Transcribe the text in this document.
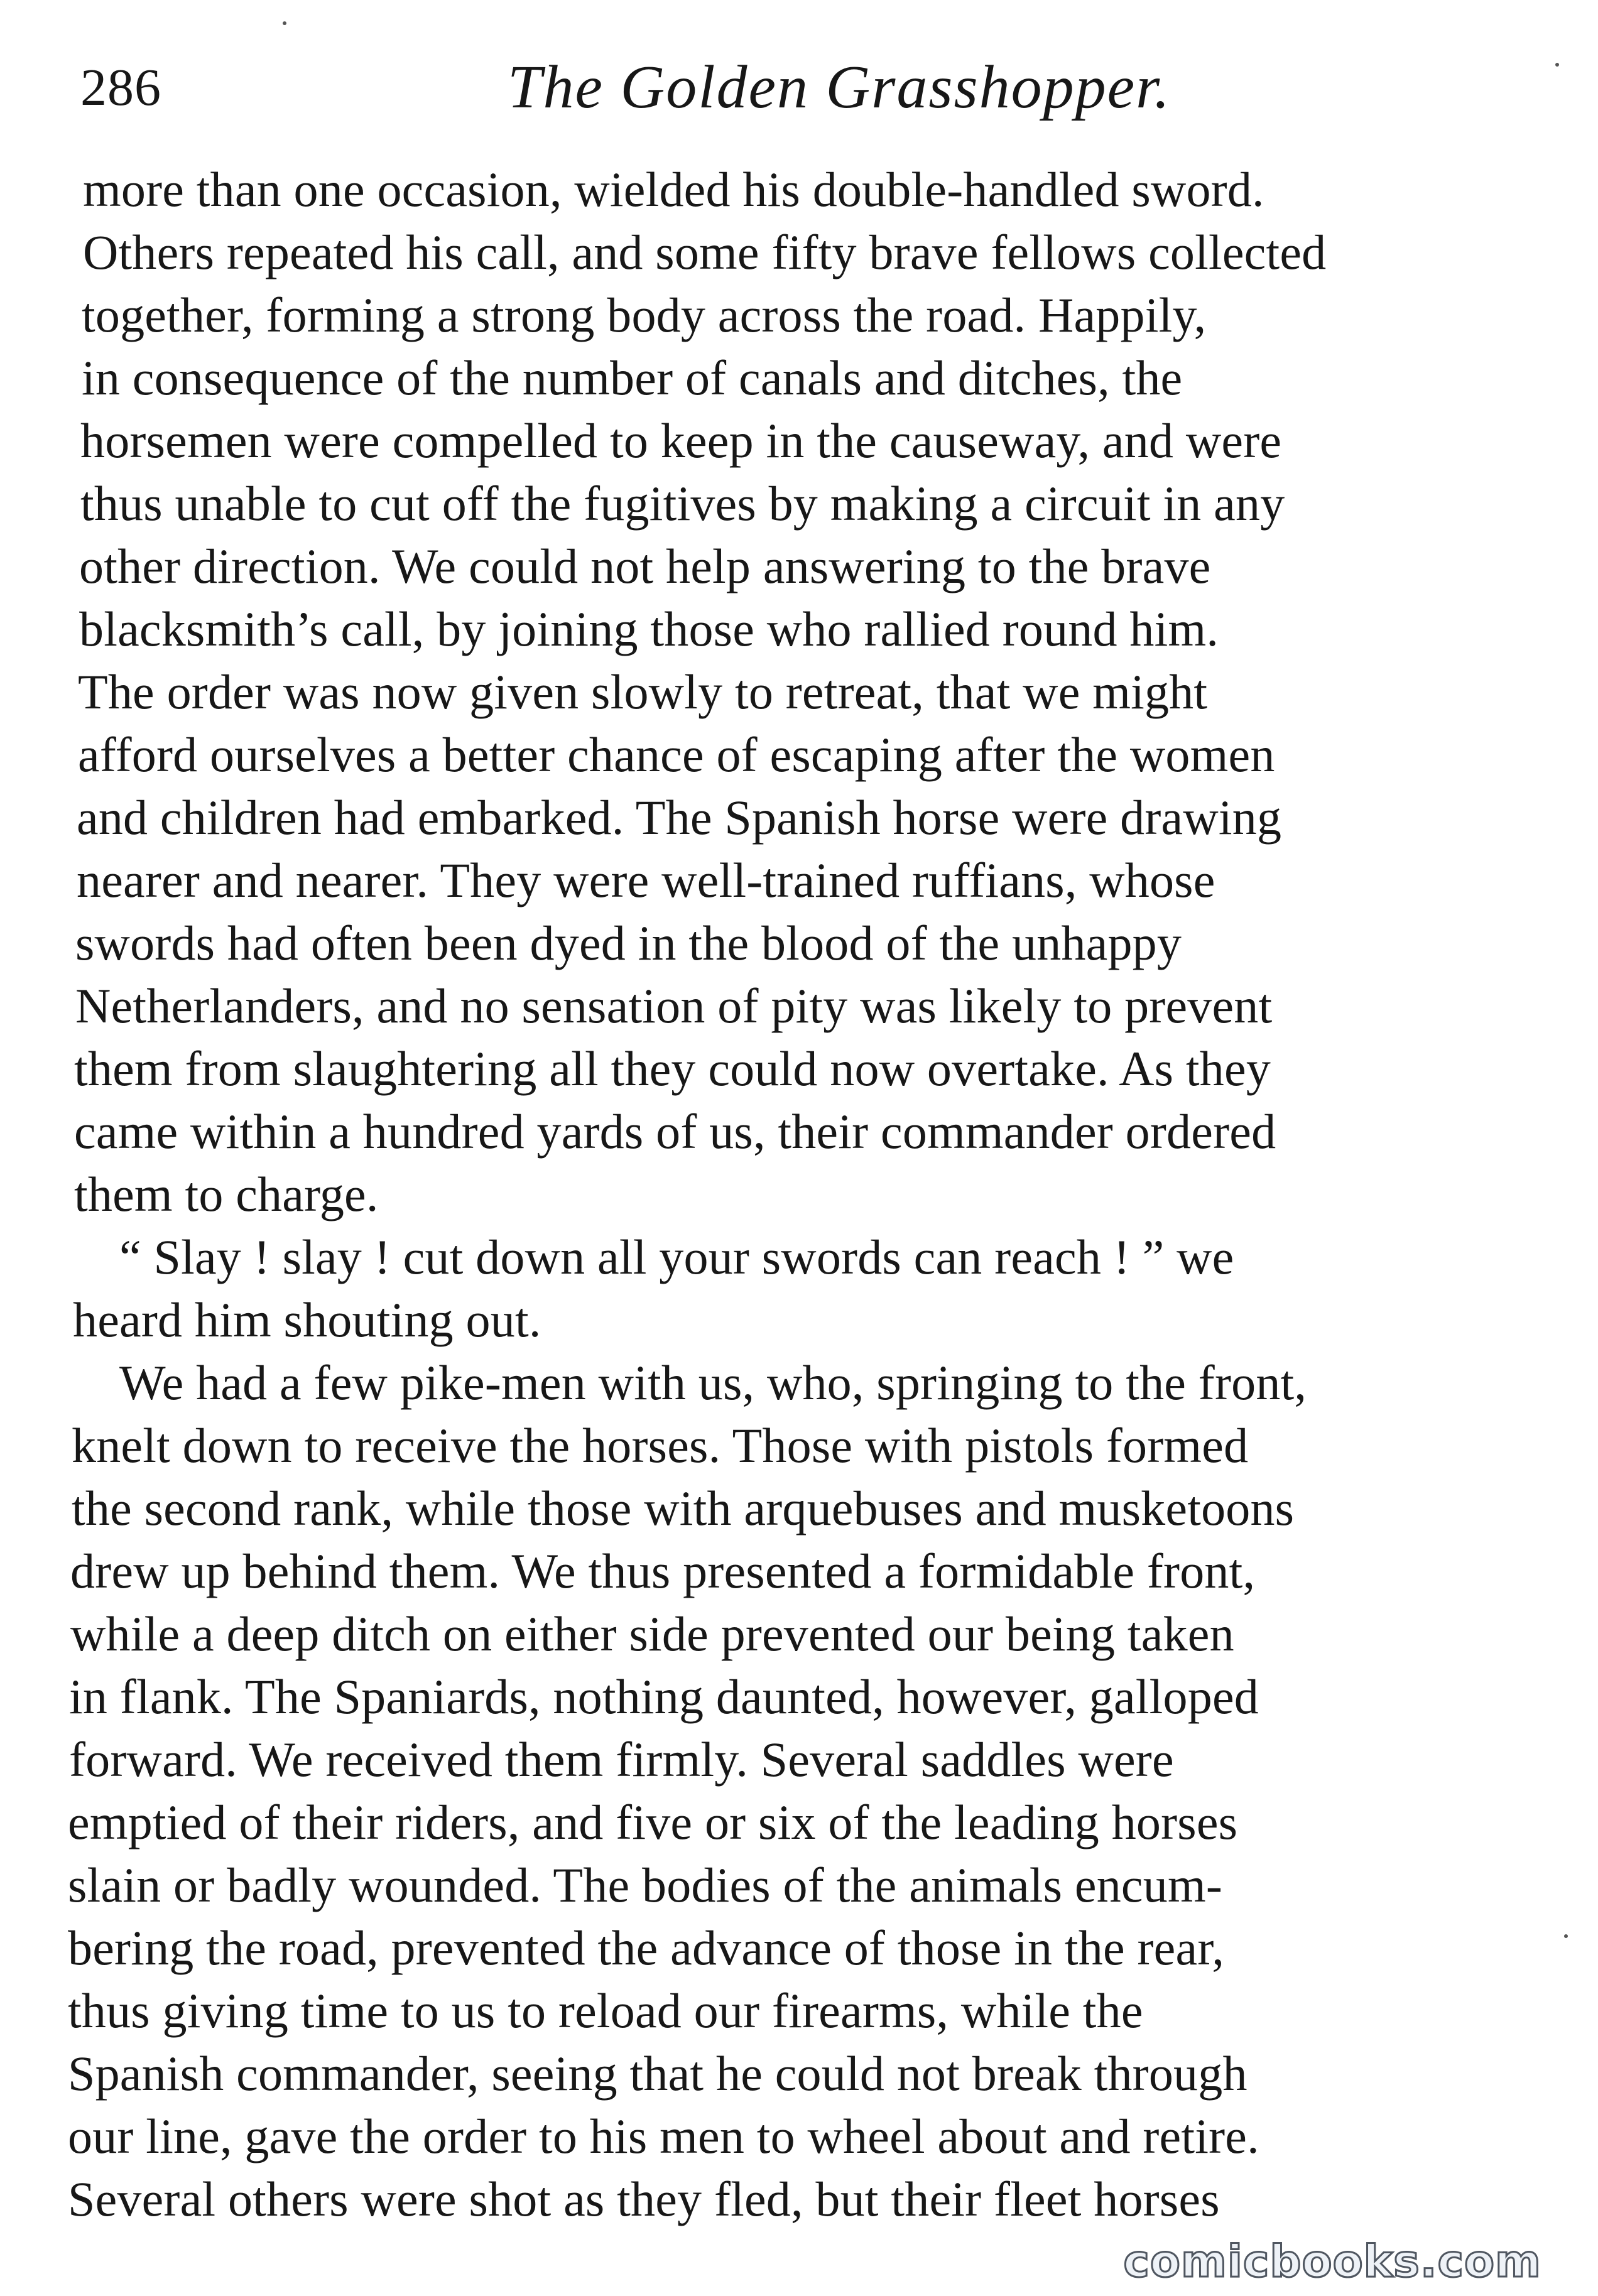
286	The Golden Grasshopper.
more than one occasion, wielded his double-handled sword.
Others repeated his call, and some fifty brave fellows collected
together, forming a strong body across the road. Happily,
in consequence of the number of canals and ditches, the
horsemen were compelled to keep in the causeway, and were
thus unable to cut off the fugitives by making a circuit in any
other direction. We could not help answering to the brave
blacksmith’s call, by joining those who rallied round him.
The order was now given slowly to retreat, that we might
afford ourselves a better chance of escaping after the women
and children had embarked. The Spanish horse were drawing
nearer and nearer. They were well-trained ruffians, whose
swords had often been dyed in the blood of the unhappy
Netherlanders, and no sensation of pity was likely to prevent
them from slaughtering all they could now overtake. As they
came within a hundred yards of us, their commander ordered
them to charge.
“ Slay ! slay ! cut down all your swords can reach ! ” we
heard him shouting out.
We had a few pike-men with us, who, springing to the front,
knelt down to receive the horses. Those with pistols formed
the second rank, while those with arquebuses and musketoons
drew up behind them. We thus presented a formidable front,
while a deep ditch on either side prevented our being taken
in flank. The Spaniards, nothing daunted, however, galloped
forward. We received them firmly. Several saddles were
emptied of their riders, and five or six of the leading horses
slain or badly wounded. The bodies of the animals encum-
bering the road, prevented the advance of those in the rear,
thus giving time to us to reload our firearms, while the
Spanish commander, seeing that he could not break through
our line, gave the order to his men to wheel about and retire.
Several others were shot as they fled, but their fleet horses
comicbooks.com
